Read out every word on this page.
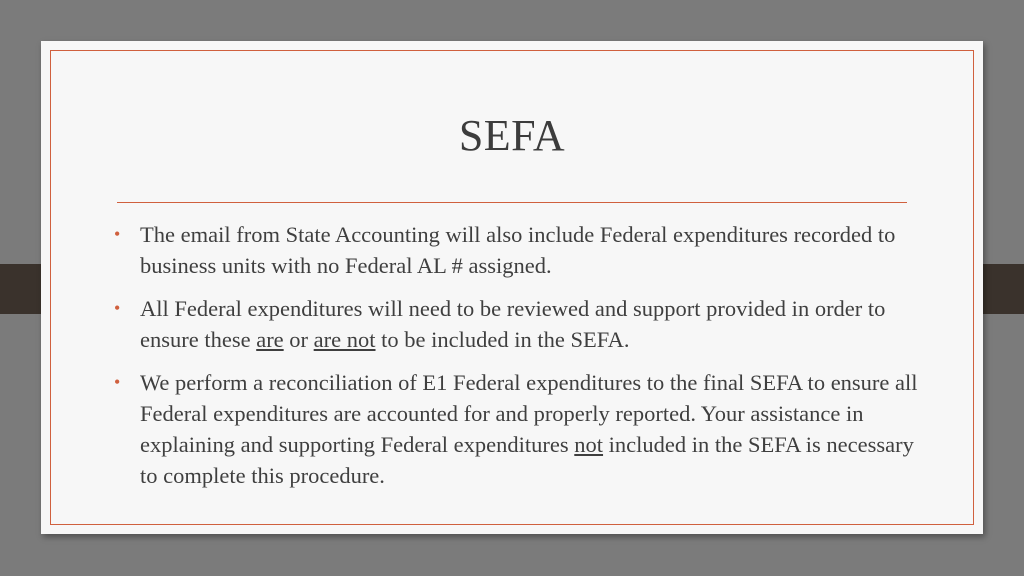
SEFA
• The email from State Accounting will also include Federal expenditures recorded to business units with no Federal AL # assigned.
• All Federal expenditures will need to be reviewed and support provided in order to ensure these are or are not to be included in the SEFA.
• We perform a reconciliation of E1 Federal expenditures to the final SEFA to ensure all Federal expenditures are accounted for and properly reported. Your assistance in explaining and supporting Federal expenditures not included in the SEFA is necessary to complete this procedure.
